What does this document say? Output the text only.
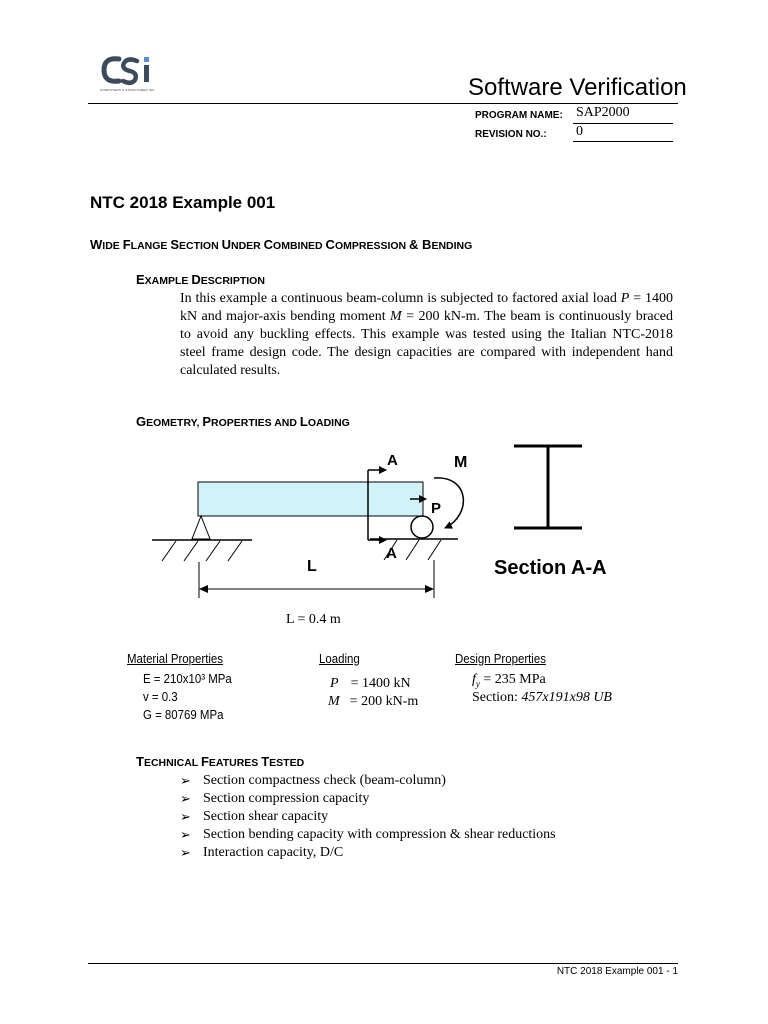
COMPUTERS & STRUCTURES INC.	Software Verification
PROGRAM NAME: SAP2000
REVISION NO.: 0
NTC 2018 Example 001
WIDE FLANGE SECTION UNDER COMBINED COMPRESSION & BENDING
EXAMPLE DESCRIPTION
In this example a continuous beam-column is subjected to factored axial load P = 1400 kN and major-axis bending moment M = 200 kN-m. The beam is continuously braced to avoid any buckling effects. This example was tested using the Italian NTC-2018 steel frame design code. The design capacities are compared with independent hand calculated results.
GEOMETRY, PROPERTIES AND LOADING
A	M
P
A
L	Section A-A
L = 0.4 m
Material Properties
E = 210x10³ MPa
v = 0.3
G = 80769 MPa
Loading
P = 1400 kN
M = 200 kN-m
Design Properties
$f_y = 235$ MPa
Section: 457x191x98 UB
TECHNICAL FEATURES TESTED
➢ Section compactness check (beam-column)
➢ Section compression capacity
➢ Section shear capacity
➢ Section bending capacity with compression & shear reductions
➢ Interaction capacity, D/C
NTC 2018 Example 001 - 1
